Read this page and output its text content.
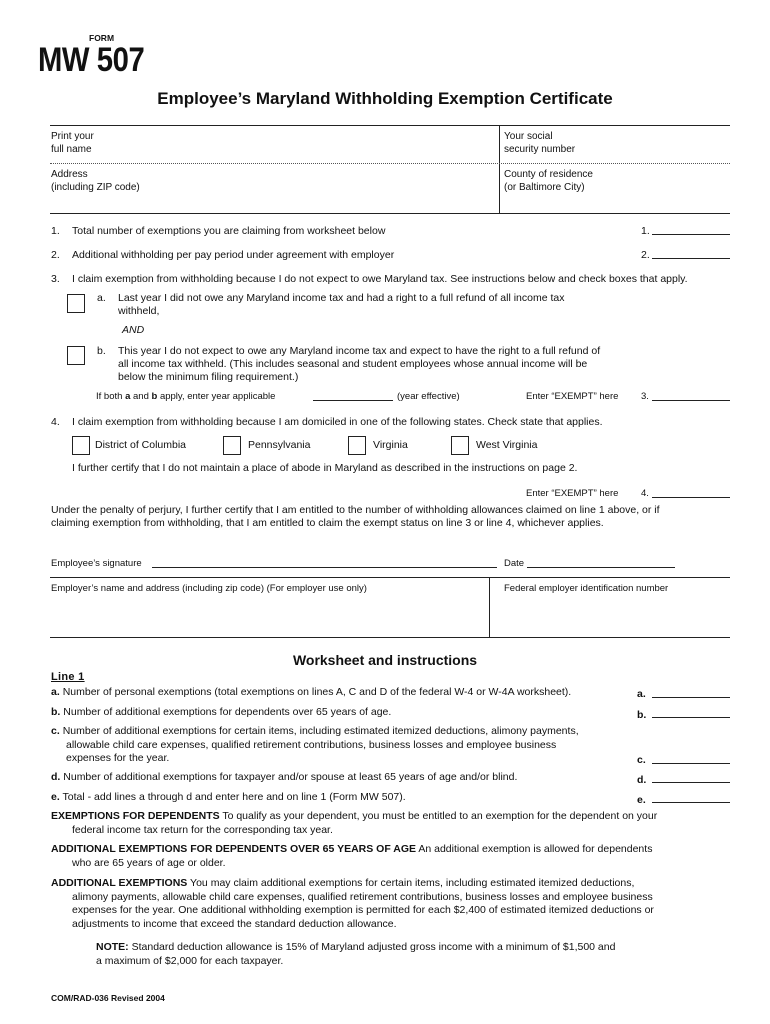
FORM
MW 507
Employee’s Maryland Withholding Exemption Certificate
Print your
full name
Your social
security number
Address
(including ZIP code)
County of residence
(or Baltimore City)
1. Total number of exemptions you are claiming from worksheet below	1.
2. Additional withholding per pay period under agreement with employer	2.
3. I claim exemption from withholding because I do not expect to owe Maryland tax. See instructions below and check boxes that apply.
a. Last year I did not owe any Maryland income tax and had a right to a full refund of all income tax
withheld,
AND
b. This year I do not expect to owe any Maryland income tax and expect to have the right to a full refund of
all income tax withheld. (This includes seasonal and student employees whose annual income will be
below the minimum filing requirement.)
If both a and b apply, enter year applicable	(year effective)	Enter “EXEMPT” here 3.
4. I claim exemption from withholding because I am domiciled in one of the following states. Check state that applies.
District of Columbia	Pennsylvania	Virginia	West Virginia
I further certify that I do not maintain a place of abode in Maryland as described in the instructions on page 2.
Enter “EXEMPT” here 4.
Under the penalty of perjury, I further certify that I am entitled to the number of withholding allowances claimed on line 1 above, or if
claiming exemption from withholding, that I am entitled to claim the exempt status on line 3 or line 4, whichever applies.
Employee’s signature	Date
Employer’s name and address (including zip code) (For employer use only)	Federal employer identification number
Worksheet and instructions
Line 1
a. Number of personal exemptions (total exemptions on lines A, C and D of the federal W-4 or W-4A worksheet).	a.
b. Number of additional exemptions for dependents over 65 years of age.	b.
c. Number of additional exemptions for certain items, including estimated itemized deductions, alimony payments,
allowable child care expenses, qualified retirement contributions, business losses and employee business
expenses for the year.	c.
d. Number of additional exemptions for taxpayer and/or spouse at least 65 years of age and/or blind.	d.
e. Total - add lines a through d and enter here and on line 1 (Form MW 507).	e.
EXEMPTIONS FOR DEPENDENTS To qualify as your dependent, you must be entitled to an exemption for the dependent on your
federal income tax return for the corresponding tax year.
ADDITIONAL EXEMPTIONS FOR DEPENDENTS OVER 65 YEARS OF AGE An additional exemption is allowed for dependents
who are 65 years of age or older.
ADDITIONAL EXEMPTIONS You may claim additional exemptions for certain items, including estimated itemized deductions,
alimony payments, allowable child care expenses, qualified retirement contributions, business losses and employee business
expenses for the year. One additional withholding exemption is permitted for each $2,400 of estimated itemized deductions or
adjustments to income that exceed the standard deduction allowance.
NOTE: Standard deduction allowance is 15% of Maryland adjusted gross income with a minimum of $1,500 and
a maximum of $2,000 for each taxpayer.
COM/RAD-036 Revised 2004
